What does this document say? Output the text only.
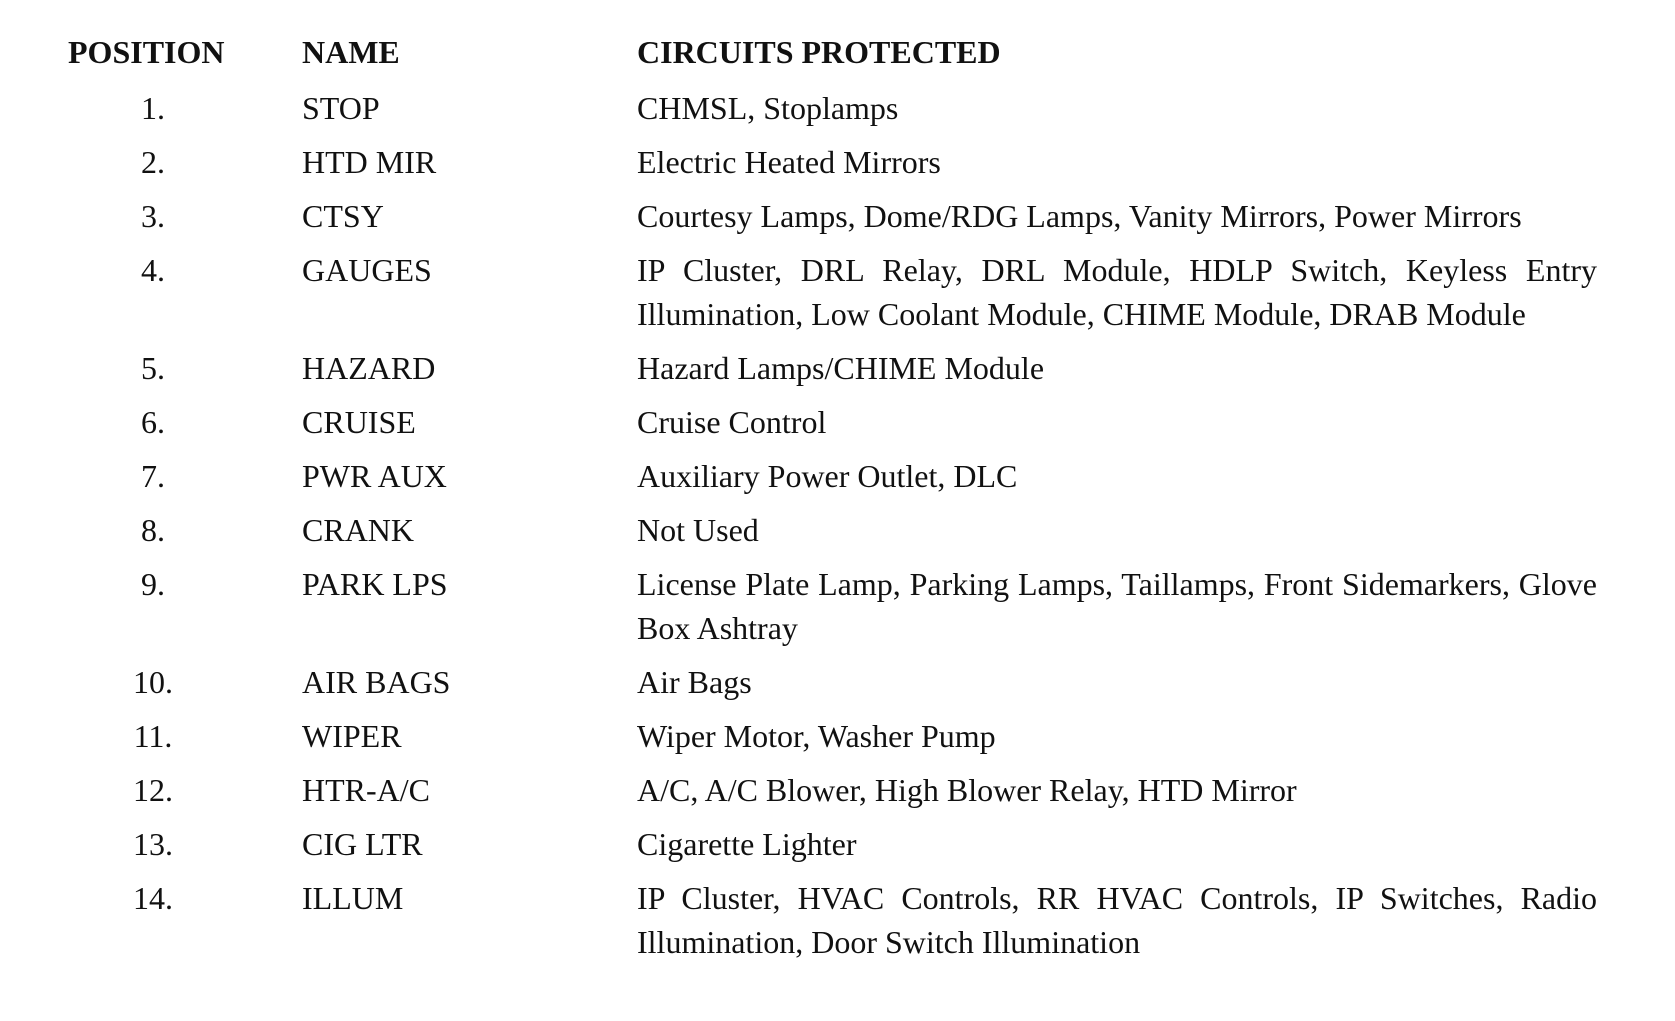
POSITION	NAME	CIRCUITS PROTECTED
1.	STOP	CHMSL, Stoplamps
2.	HTD MIR	Electric Heated Mirrors
3.	CTSY	Courtesy Lamps, Dome/RDG Lamps, Vanity Mirrors, Power Mirrors
4.	GAUGES	IP Cluster, DRL Relay, DRL Module, HDLP Switch, Keyless Entry Illumination, Low Coolant Module, CHIME Module, DRAB Module
5.	HAZARD	Hazard Lamps/CHIME Module
6.	CRUISE	Cruise Control
7.	PWR AUX	Auxiliary Power Outlet, DLC
8.	CRANK	Not Used
9.	PARK LPS	License Plate Lamp, Parking Lamps, Taillamps, Front Sidemarkers, Glove Box Ashtray
10.	AIR BAGS	Air Bags
11.	WIPER	Wiper Motor, Washer Pump
12.	HTR-A/C	A/C, A/C Blower, High Blower Relay, HTD Mirror
13.	CIG LTR	Cigarette Lighter
14.	ILLUM	IP Cluster, HVAC Controls, RR HVAC Controls, IP Switches, Radio Illumination, Door Switch Illumination
